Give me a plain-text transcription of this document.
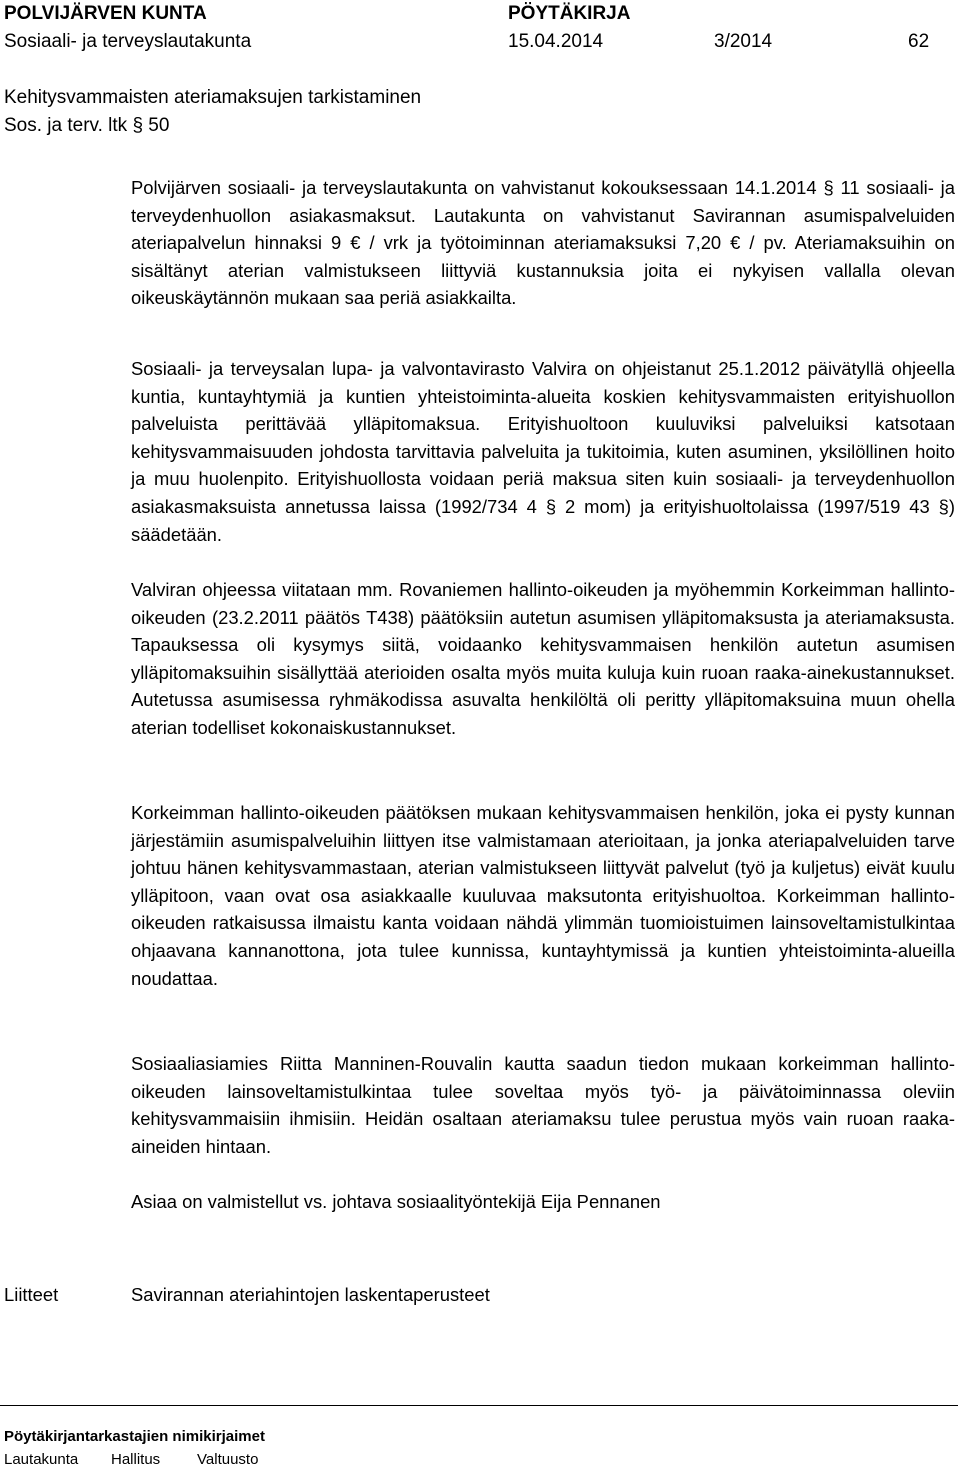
POLVIJÄRVEN KUNTA	PÖYTÄKIRJA
Sosiaali- ja terveyslautakunta	15.04.2014	3/2014	62
Kehitysvammaisten ateriamaksujen tarkistaminen
Sos. ja terv. ltk § 50

Polvijärven sosiaali- ja terveyslautakunta on vahvistanut kokouksessaan 14.1.2014 § 11 sosiaali- ja terveydenhuollon asiakasmaksut. Lautakunta on vahvistanut Savirannan asumispalveluiden ateriapalvelun hinnaksi 9 € / vrk ja työtoiminnan ateriamaksuksi 7,20 € / pv. Ateriamaksuihin on sisältänyt aterian valmistukseen liittyviä kustannuksia joita ei nykyisen vallalla olevan oikeuskäytännön mukaan saa periä asiakkailta.

Sosiaali- ja terveysalan lupa- ja valvontavirasto Valvira on ohjeistanut 25.1.2012 päivätyllä ohjeella kuntia, kuntayhtymiä ja kuntien yhteistoiminta-alueita koskien kehitysvammaisten erityishuollon palveluista perittävää ylläpitomaksua. Erityishuoltoon kuuluviksi palveluiksi katsotaan kehitysvammaisuuden johdosta tarvittavia palveluita ja tukitoimia, kuten asuminen, yksilöllinen hoito ja muu huolenpito. Erityishuollosta voidaan periä maksua siten kuin sosiaali- ja terveydenhuollon asiakasmaksuista annetussa laissa (1992/734 4 § 2 mom) ja erityishuoltolaissa (1997/519 43 §) säädetään.

Valviran ohjeessa viitataan mm. Rovaniemen hallinto-oikeuden ja myöhemmin Korkeimman hallinto-oikeuden (23.2.2011 päätös T438) päätöksiin autetun asumisen ylläpitomaksusta ja ateriamaksusta. Tapauksessa oli kysymys siitä, voidaanko kehitysvammaisen henkilön autetun asumisen ylläpitomaksuihin sisällyttää aterioiden osalta myös muita kuluja kuin ruoan raaka-ainekustannukset. Autetussa asumisessa ryhmäkodissa asuvalta henkilöltä oli peritty ylläpitomaksuina muun ohella aterian todelliset kokonaiskustannukset.

Korkeimman hallinto-oikeuden päätöksen mukaan kehitysvammaisen henkilön, joka ei pysty kunnan järjestämiin asumispalveluihin liittyen itse valmistamaan aterioitaan, ja jonka ateriapalveluiden tarve johtuu hänen kehitysvammastaan, aterian valmistukseen liittyvät palvelut (työ ja kuljetus) eivät kuulu ylläpitoon, vaan ovat osa asiakkaalle kuuluvaa maksutonta erityishuoltoa. Korkeimman hallinto-oikeuden ratkaisussa ilmaistu kanta voidaan nähdä ylimmän tuomioistuimen lainsoveltamistulkintaa ohjaavana kannanottona, jota tulee kunnissa, kuntayhtymissä ja kuntien yhteistoiminta-alueilla noudattaa.

Sosiaaliasiamies Riitta Manninen-Rouvalin kautta saadun tiedon mukaan korkeimman hallinto-oikeuden lainsoveltamistulkintaa tulee soveltaa myös työ- ja päivätoiminnassa oleviin kehitysvammaisiin ihmisiin. Heidän osaltaan ateriamaksu tulee perustua myös vain ruoan raaka-aineiden hintaan.

Asiaa on valmistellut vs. johtava sosiaalityöntekijä Eija Pennanen

Liitteet	Savirannan ateriahintojen laskentaperusteet
Pöytäkirjantarkastajien nimikirjaimet
Lautakunta Hallitus Valtuusto
